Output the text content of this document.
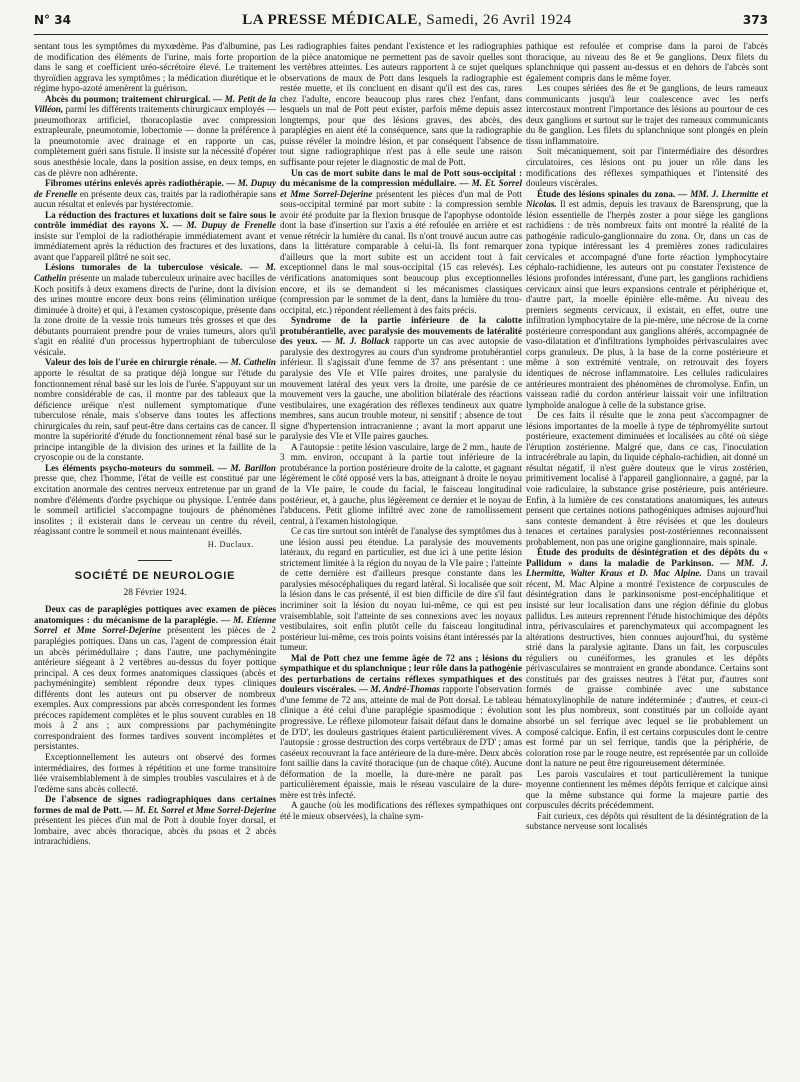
N° 34	LA PRESSE MÉDICALE, Samedi, 26 Avril 1924	373

sentant tous les symptômes du myxœdème. Pas d'albumine, pas de modification des éléments de l'urine, mais forte proportion dans le sang et coefficient uréo-sécrétoire élevé. Le traitement thyroïdien aggrava les symptômes ; la médication diurétique et le régime hypo-azoté amenèrent la guérison.

Abcès du poumon; traitement chirurgical. — M. Petit de la Villéon, parmi les différents traitements chirurgicaux employés — pneumothorax artificiel, thoracoplastie avec compression extrapleurale, pneumotomie, lobectomie — donne la préférence à la pneumotomie avec drainage et en rapporte un cas, complètement guéri sans fistule. Il insiste sur la nécessité d'opérer sous anesthésie locale, dans la position assise, en deux temps, en cas de plèvre non adhérente.

Fibromes utérins enlevés après radiothérapie. — M. Dupuy de Frenelle en présente deux cas, traités par la radiothérapie sans aucun résultat et enlevés par hystérectomie.

La réduction des fractures et luxations doit se faire sous le contrôle immédiat des rayons X. — M. Dupuy de Frenelle insiste sur l'emploi de la radiothérapie immédiatement avant et immédiatement après la réduction des fractures et des luxations, avant que l'appareil plâtré ne soit sec.

Lésions tumorales de la tuberculose vésicale. — M. Cathelin présente un malade tuberculeux urinaire avec bacilles de Koch positifs à deux examens directs de l'urine, dont la division des urines montre encore deux bons reins (élimination uréique diminuée à droite) et qui, à l'examen cystoscopique, présente dans la zone droite de la vessie trois tumeurs très grosses et que des débutants pourraient prendre pour de vraies tumeurs, alors qu'il s'agit en réalité d'un processus hypertrophiant de tuberculose vésicale.

Valeur des lois de l'urée en chirurgie rénale. — M. Cathelin apporte le résultat de sa pratique déjà longue sur l'étude du fonctionnement rénal basé sur les lois de l'urée. S'appuyant sur un nombre considérable de cas, il montre par des tableaux que la déficience uréique n'est nullement symptomatique d'une tuberculose rénale, mais s'observe dans toutes les affections chirurgicales du rein, sauf peut-être dans certains cas de cancer. Il montre la supériorité d'étude du fonctionnement rénal basé sur le principe intangible de la division des urines et la faillite de la cryoscopie ou de la constante.

Les éléments psycho-moteurs du sommeil. — M. Barillon presse que, chez l'homme, l'état de veille est constitué par une excitation anormale des centres nerveux entretenue par un grand nombre d'éléments d'ordre psychique ou physique. L'entrée dans le sommeil artificiel s'accompagne toujours de phénomènes insolites ; il existerait dans le cerveau un centre du réveil, réagissant contre le sommeil et nous maintenant éveillés.

H. Duclaux.
SOCIÉTÉ DE NEUROLOGIE
28 Février 1924.

Deux cas de paraplégies pottiques avec examen de pièces anatomiques : du mécanisme de la paraplégie. — M. Etienne Sorrel et Mme Sorrel-Dejerine présentent les pièces de 2 paraplégies pottiques. Dans un cas, l'agent de compression était un abcès périmédullaire ; dans l'autre, une pachyméningite antérieure siégeant à 2 vertèbres au-dessus du foyer pottique principal. A ces deux formes anatomiques classiques (abcès et pachyméningite) semblent répondre deux types cliniques différents dont les auteurs ont pu observer de nombreux exemples. Aux compressions par abcès correspondent les formes précoces rapidement complètes et le plus souvent curables en 18 mois à 2 ans ; aux compressions par pachyméningite correspondraient des formes tardives souvent incomplètes et persistantes.

Exceptionnellement les auteurs ont observé des formes intermédiaires, des formes à répétition et une forme transitoire liée vraisemblablement à de simples troubles vasculaires et à de l'œdème sans abcès collecté.

De l'absence de signes radiographiques dans certaines formes de mal de Pott. — M. Et. Sorrel et Mme Sorrel-Dejerine présentent les pièces d'un mal de Pott à double foyer dorsal, et lombaire, avec abcès thoracique, abcès du psoas et 2 abcès intrarachidiens.

Les radiographies faites pendant l'existence et les radiographies de la pièce anatomique ne permettent pas de savoir quelles sont les vertèbres atteintes. Les auteurs rapportent à ce sujet quelques observations de maux de Pott dans lesquels la radiographie est restée muette, et ils concluent en disant qu'il est des cas, rares chez l'adulte, encore beaucoup plus rares chez l'enfant, dans lesquels un mal de Pott peut exister, parfois même depuis assez longtemps, pour que des lésions graves, des abcès, des paraplégies en aient été la conséquence, sans que la radiographie puisse révéler la moindre lésion, et par conséquent l'absence de tout signe radiographique n'est pas à elle seule une raison suffisante pour rejeter le diagnostic de mal de Pott.

Un cas de mort subite dans le mal de Pott sous-occipital : du mécanisme de la compression médullaire. — M. Et. Sorrel et Mme Sorrel-Dejerine présentent les pièces d'un mal de Pott sous-occipital terminé par mort subite : la compression semble avoir été produite par la flexion brusque de l'apophyse odontoïde dont la base d'insertion sur l'axis a été refoulée en arrière et est venue rétrécir la lumière du canal. Ils n'ont trouvé aucun autre cas dans la littérature comparable à celui-là. Ils font remarquer d'ailleurs que la mort subite est un accident tout à fait exceptionnel dans le mal sous-occipital (15 cas relevés). Les vérifications anatomiques sont beaucoup plus exceptionnelles encore, et ils se demandent si les mécanismes classiques (compression par le sommet de la dent, dans la lumière du trou-occipital, etc.) répondent réellement à des faits précis.

Syndrome de la partie inférieure de la calotte protubérantielle, avec paralysie des mouvements de latéralité des yeux. — M. J. Bollack rapporte un cas avec autopsie de paralysie des dextrogyres au cours d'un syndrome protubérantiel inférieur. Il s'agissait d'une femme de 37 ans présentant : une paralysie des VIe et VIIe paires droites, une paralysie du mouvement latéral des yeux vers la droite, une parésie de ce mouvement vers la gauche, une abolition bilatérale des réactions vestibulaires, une exagération des réflexes tendineux aux quatre membres, sans aucun trouble moteur, ni sensitif ; absence de tout signe d'hypertension intracranienne ; avant la mort apparut une paralysie des VIe et VIIe paires gauches.

A l'autopsie : petite lésion vasculaire, large de 2 mm., haute de 3 mm. environ, occupant à la partie tout inférieure de la protubérance la portion postérieure droite de la calotte, et gagnant légèrement le côté opposé vers la bas, atteignant à droite le noyau de la VIe paire, le coude du facial, le faisceau longitudinal postérieur, et, à gauche, plus légèrement ce dernier et le noyau de l'abducens. Petit gliome infiltré avec zone de ramollissement central, à l'examen histologique.

Ce cas tire surtout son intérêt de l'analyse des symptômes dus à une lésion aussi peu étendue. La paralysie des mouvements latéraux, du regard en particulier, est due ici à une petite lésion strictement limitée à la région du noyau de la VIe paire ; l'atteinte de cette dernière est d'ailleurs presque constante dans les paralysies mésocéphaliques du regard latéral. Si localisée que soit la lésion dans le cas présenté, il est bien difficile de dire s'il faut incriminer soit la lésion du noyau lui-même, ce qui est peu vraisemblable, soit l'atteinte de ses connexions avec les noyaux vestibulaires, soit enfin plutôt celle du faisceau longitudinal postérieur lui-même, ces trois points voisins étant intéressés par la tumeur.

Mal de Pott chez une femme âgée de 72 ans ; lésions du sympathique et du splanchnique ; leur rôle dans la pathogénie des perturbations de certains réflexes sympathiques et des douleurs viscérales. — M. André-Thomas rapporte l'observation d'une femme de 72 ans, atteinte de mal de Pott dorsal. Le tableau clinique a été celui d'une paraplégie spasmodique : évolution progressive. Le réflexe pilomoteur faisait défaut dans le domaine de D'D', les douleurs gastriques étaient particulièrement vives. A l'autopsie : grosse destruction des corps vertébraux de D'D' ; amas caséeux recouvrant la face antérieure de la dure-mère. Deux abcès font saillie dans la cavité thoracique (un de chaque côté). Aucune déformation de la moelle, la dure-mère ne paraît pas particulièrement épaissie, mais le réseau vasculaire de la dure-mère est très infecté.

A gauche (où les modifications des réflexes sympathiques ont été le mieux observées), la chaîne sym-

pathique est refoulée et comprise dans la paroi de l'abcès thoracique, au niveau des 8e et 9e ganglions. Deux filets du splanchnique qui passent au-dessus et en dehors de l'abcès sont également compris dans le même foyer.

Les coupes sériées des 8e et 9e ganglions, de leurs rameaux communicants jusqu'à leur coalescence avec les nerfs intercostaux montrent l'importance des lésions au pourtour de ces deux ganglions et surtout sur le trajet des rameaux communicants du 8e ganglion. Les filets du splanchnique sont plongés en plein tissu inflammatoire.

Soit mécaniquement, soit par l'intermédiaire des désordres circulatoires, ces lésions ont pu jouer un rôle dans les modifications des réflexes sympathiques et l'intensité des douleurs viscérales.

Étude des lésions spinales du zona. — MM. J. Lhermitte et Nicolas. Il est admis, depuis les travaux de Barensprung, que la lésion essentielle de l'herpès zoster a pour siège les ganglions rachidiens : de très nombreux faits ont montré la réalité de la pathogénie radiculo-ganglionnaire du zona. Or, dans un cas de zona typique intéressant les 4 premières zones radiculaires cervicales et accompagné d'une forte réaction lymphocytaire céphalo-rachidienne, les auteurs ont pu constater l'existence de lésions profondes intéressant, d'une part, les ganglions rachidiens cervicaux ainsi que leurs expansions centrale et périphérique et, d'autre part, la moelle épinière elle-même. Au niveau des premiers segments cervicaux, il existait, en effet, outre une infiltration lymphocytaire de la pie-mère, une nécrose de la corne postérieure correspondant aux ganglions altérés, accompagnée de vaso-dilatation et d'infiltrations lymphoïdes périvasculaires avec corps granuleux. De plus, à la base de la corne postérieure et même à son extrémité ventrale, on retrouvait des foyers identiques de nécrose inflammatoire. Les cellules radiculaires antérieures montraient des phénomènes de chromolyse. Enfin, un vaisseau radié du cordon antérieur laissait voir une infiltration lymphoïde analogue à celle de la substance grise.

De ces faits il résulte que le zona peut s'accompagner de lésions importantes de la moelle à type de téphromyélite surtout postérieure, exactement diminuées et localisées au côté où siège l'éruption zostérienne. Malgré que, dans ce cas, l'inoculation intracérébrale au lapin, du liquide céphalo-rachidien, ait donné un résultat négatif, il n'est guère douteux que le virus zostérien, primitivement localisé à l'appareil ganglionnaire, a gagné, par la voie radiculaire, la substance grise postérieure, puis antérieure. Enfin, à la lumière de ces constatations anatomiques, les auteurs pensent que certaines notions pathogéniques admises aujourd'hui sans conteste demandent à être révisées et que les douleurs tenaces et certaines paralysies post-zostériennes reconnaissent probablement, non pas une origine ganglionnaire, mais spinale.

Étude des produits de désintégration et des dépôts du « Pallidum » dans la maladie de Parkinson. — MM. J. Lhermitte, Walter Kraus et D. Mac Alpine. Dans un travail récent, M. Mac Alpine a montré l'existence de corpuscules de désintégration dans le parkinsonisme post-encéphalitique et insisté sur leur localisation dans une région définie du globus pallidus. Les auteurs reprennent l'étude histochimique des dépôts intra, périvasculaires et parenchymateux qui accompagnent les altérations destructives, bien connues aujourd'hui, du système strié dans la paralysie agitante. Dans un fait, les corpuscules réguliers ou cunéiformes, les granules et les dépôts périvasculaires se montraient en grande abondance. Certains sont constitués par des graisses neutres à l'état pur, d'autres sont formés de graisse combinée avec une substance hématoxylinophile de nature indéterminée ; d'autres, et ceux-ci sont les plus nombreux, sont constitués par un colloïde ayant absorbé un sel ferrique avec lequel se lie probablement un composé calcique. Enfin, il est certains corpuscules dont le centre est formé par un sel ferrique, tandis que la périphérie, de coloration rose par le rouge neutre, est représentée par un colloïde dont la nature ne peut être rigoureusement déterminée.

Les parois vasculaires et tout particulièrement la tunique moyenne contiennent les mêmes dépôts ferrique et calcique ainsi que la même substance qui forme la majeure partie des corpuscules décrits précédemment.

Fait curieux, ces dépôts qui résultent de la désintégration de la substance nerveuse sont localisés
